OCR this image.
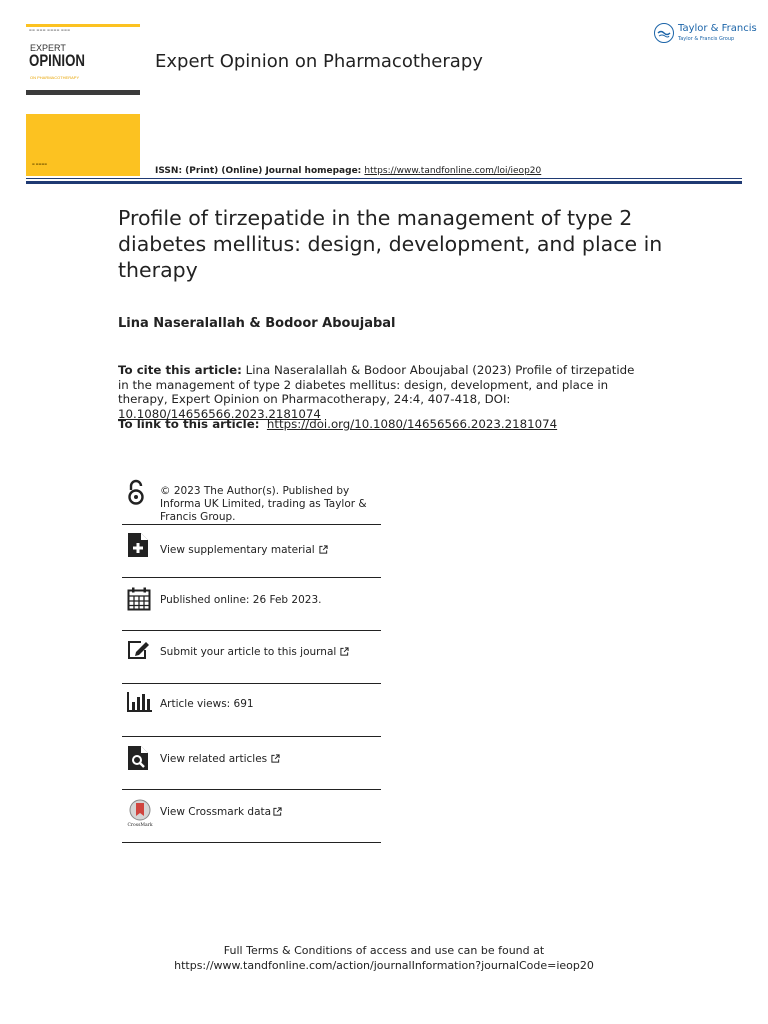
▬▬ ▬▬▬ ▬▬▬▬ ▬▬▬
EXPERT
OPINION
ON PHARMACOTHERAPY
▬ ▬▬▬▬
Expert Opinion on Pharmacotherapy
ISSN: (Print) (Online) Journal homepage: https://www.tandfonline.com/loi/ieop20
Taylor & Francis
Taylor & Francis Group
Profile of tirzepatide in the management of type 2 diabetes mellitus: design, development, and place in therapy
Lina Naseralallah & Bodoor Aboujabal
To cite this article: Lina Naseralallah & Bodoor Aboujabal (2023) Profile of tirzepatide in the management of type 2 diabetes mellitus: design, development, and place in therapy, Expert Opinion on Pharmacotherapy, 24:4, 407-418, DOI: 10.1080/14656566.2023.2181074
To link to this article: https://doi.org/10.1080/14656566.2023.2181074
© 2023 The Author(s). Published by Informa UK Limited, trading as Taylor & Francis Group.
View supplementary material
Published online: 26 Feb 2023.
Submit your article to this journal
Article views: 691
View related articles
CrossMark
View Crossmark data
Full Terms & Conditions of access and use can be found at
https://www.tandfonline.com/action/journalInformation?journalCode=ieop20
